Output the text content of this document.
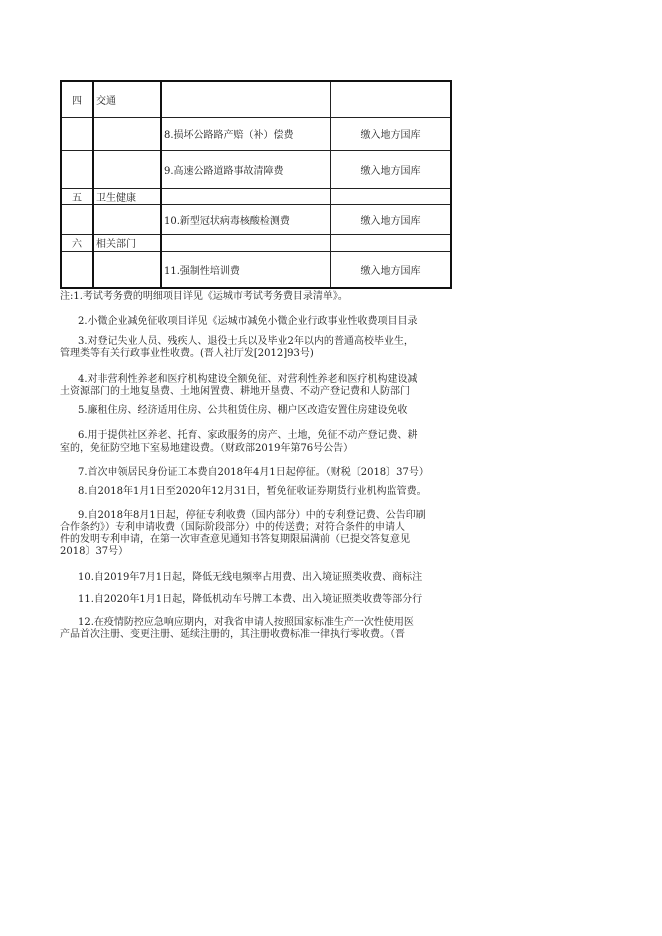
四	交通		
		8.损坏公路路产赔（补）偿费	缴入地方国库
		9.高速公路道路事故清障费	缴入地方国库
五	卫生健康		
		10.新型冠状病毒核酸检测费	缴入地方国库
六	相关部门		
		11.强制性培训费	缴入地方国库
注:1.考试考务费的明细项目详见《运城市考试考务费目录清单》。
2.小微企业减免征收项目详见《运城市减免小微企业行政事业性收费项目目录
3.对登记失业人员、残疾人、退役士兵以及毕业2年以内的普通高校毕业生，
管理类等有关行政事业性收费。(晋人社厅发[2012]93号)
4.对非营利性养老和医疗机构建设全额免征、对营利性养老和医疗机构建设减
土资源部门的土地复垦费、土地闲置费、耕地开垦费、不动产登记费和人防部门
5.廉租住房、经济适用住房、公共租赁住房、棚户区改造安置住房建设免收
6.用于提供社区养老、托育、家政服务的房产、土地，免征不动产登记费、耕
室的，免征防空地下室易地建设费。（财政部2019年第76号公告）
7.首次申领居民身份证工本费自2018年4月1日起停征。（财税〔2018〕37号）
8.自2018年1月1日至2020年12月31日，暂免征收证券期货行业机构监管费。
9.自2018年8月1日起，停征专利收费（国内部分）中的专利登记费、公告印刷
合作条约》）专利申请收费（国际阶段部分）中的传送费；对符合条件的申请人
件的发明专利申请，在第一次审查意见通知书答复期限届满前（已提交答复意见
2018〕37号）
10.自2019年7月1日起，降低无线电频率占用费、出入境证照类收费、商标注
11.自2020年1月1日起，降低机动车号牌工本费、出入境证照类收费等部分行
12.在疫情防控应急响应期内，对我省申请人按照国家标准生产一次性使用医
产品首次注册、变更注册、延续注册的，其注册收费标准一律执行零收费。（晋
